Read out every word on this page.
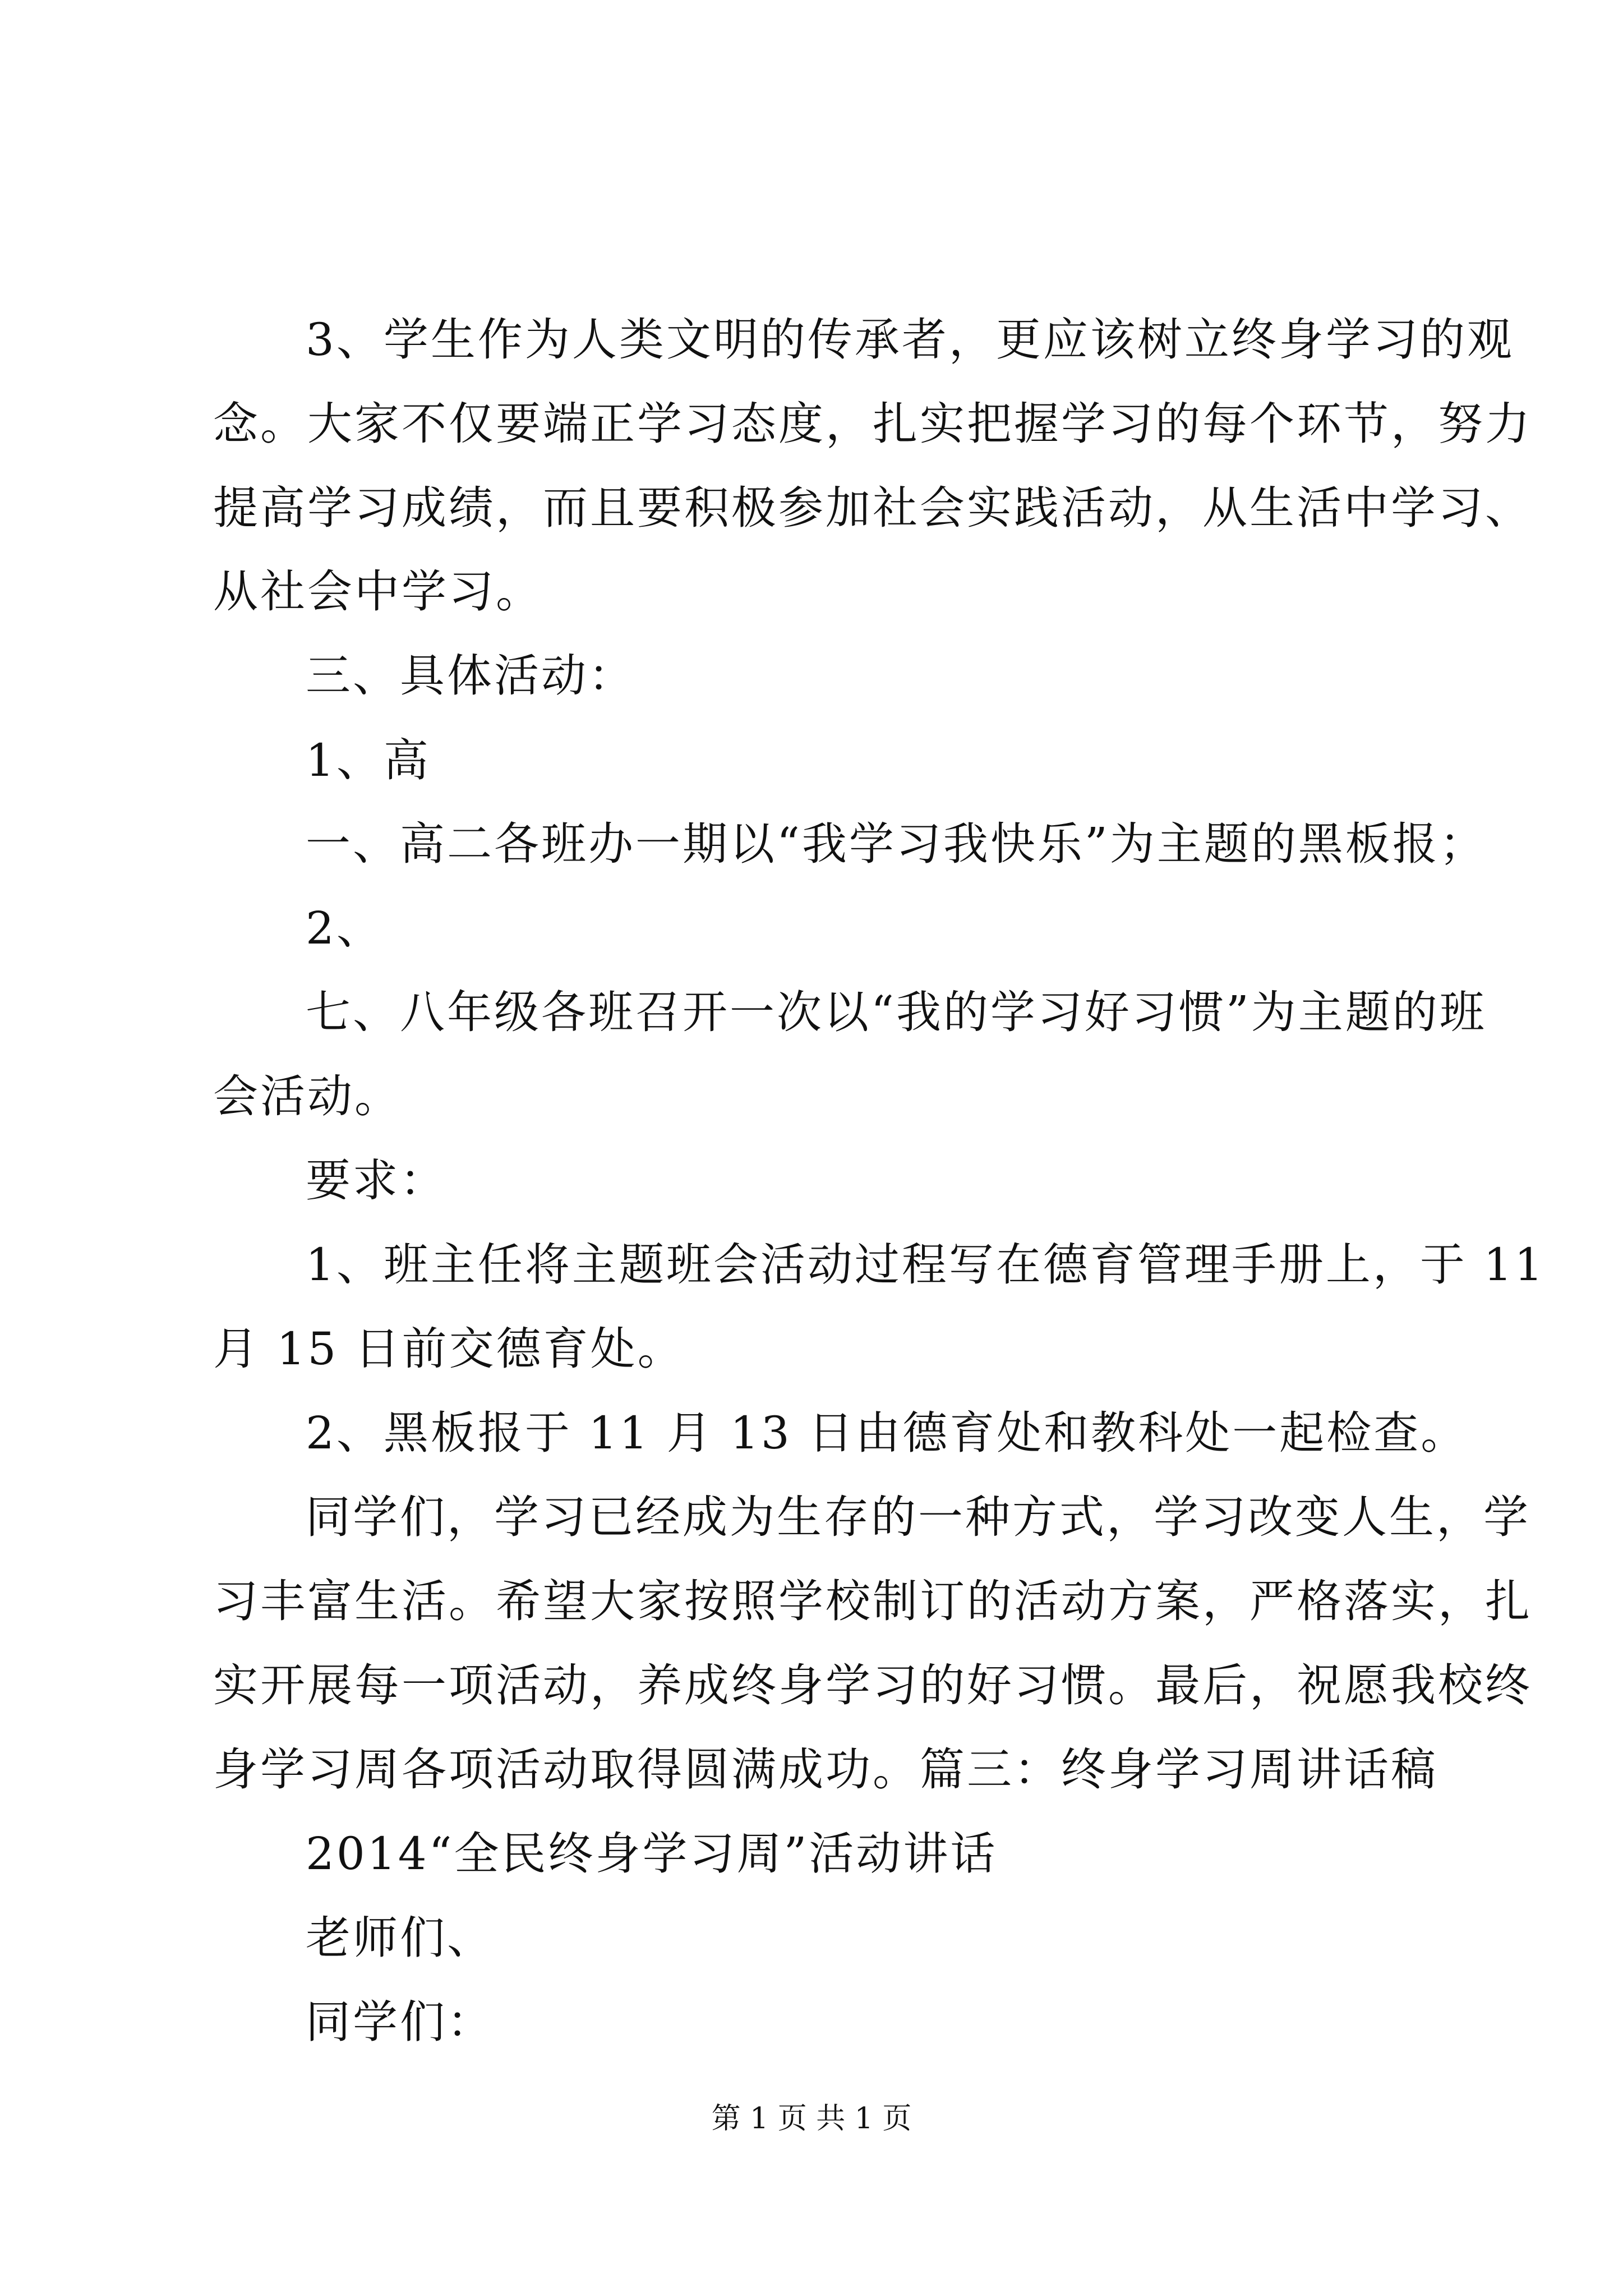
3、学生作为人类文明的传承者，更应该树立终身学习的观
念。大家不仅要端正学习态度，扎实把握学习的每个环节，努力
提高学习成绩，而且要积极参加社会实践活动，从生活中学习、
从社会中学习。
三、具体活动：
1、高
一、高二各班办一期以“我学习我快乐”为主题的黑板报；
2、
七、八年级各班召开一次以“我的学习好习惯”为主题的班
会活动。
要求：
1、班主任将主题班会活动过程写在德育管理手册上，于 11
月 15 日前交德育处。
2、黑板报于 11 月 13 日由德育处和教科处一起检查。
同学们，学习已经成为生存的一种方式，学习改变人生，学
习丰富生活。希望大家按照学校制订的活动方案，严格落实，扎
实开展每一项活动，养成终身学习的好习惯。最后，祝愿我校终
身学习周各项活动取得圆满成功。篇三：终身学习周讲话稿
2014“全民终身学习周”活动讲话
老师们、
同学们：
第 1 页 共 1 页
